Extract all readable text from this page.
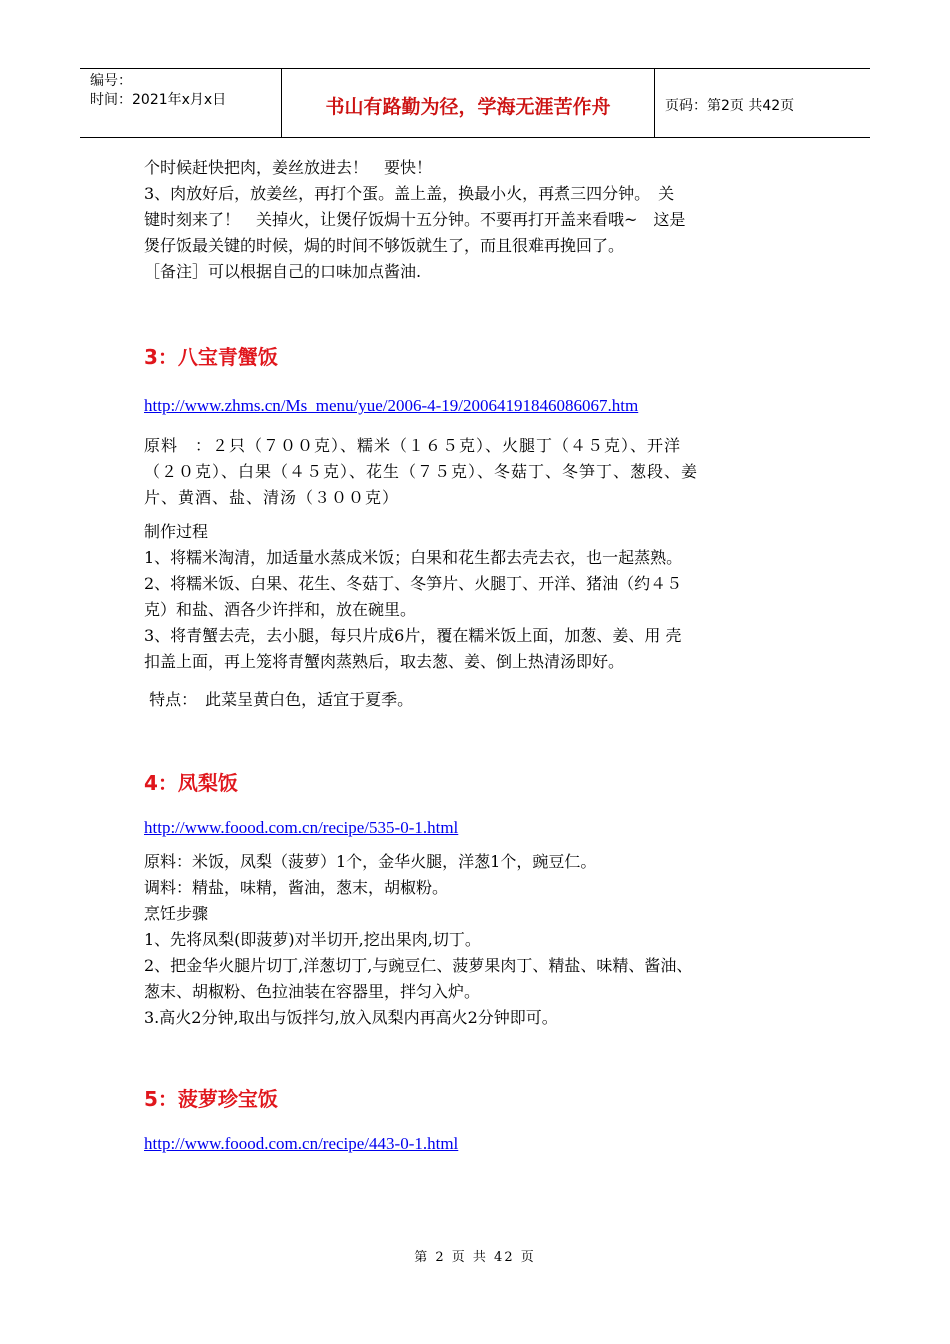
编号：
时间：2021年x月x日	书山有路勤为径，学海无涯苦作舟	页码：第2页 共42页

个时候赶快把肉，姜丝放进去！　要快！

3、肉放好后，放姜丝，再打个蛋。盖上盖，换最小火，再煮三四分钟。　关

键时刻来了！　关掉火，让煲仔饭焗十五分钟。不要再打开盖来看哦~　这是

煲仔饭最关键的时候，焗的时间不够饭就生了，而且很难再挽回了。

［备注］可以根据自己的口味加点酱油.

3：八宝青蟹饭
http://www.zhms.cn/Ms_menu/yue/2006-4-19/20064191846086067.htm

原料　：２只（７００克）、糯米（１６５克）、火腿丁（４５克）、开洋

（２０克）、白果（４５克）、花生（７５克）、冬菇丁、冬笋丁、葱段、姜

片、黄酒、盐、清汤（３００克）

制作过程

1、将糯米淘清，加适量水蒸成米饭；白果和花生都去壳去衣，也一起蒸熟。

2、将糯米饭、白果、花生、冬菇丁、冬笋片、火腿丁、开洋、猪油（约４５

克）和盐、酒各少许拌和，放在碗里。

3、将青蟹去壳，去小腿，每只片成6片，覆在糯米饭上面，加葱、姜、用 壳

扣盖上面，再上笼将青蟹肉蒸熟后，取去葱、姜、倒上热清汤即好。

特点：　此菜呈黄白色，适宜于夏季。

4：凤梨饭
http://www.foood.com.cn/recipe/535-0-1.html

原料：米饭，凤梨（菠萝）1个，金华火腿，洋葱1个，豌豆仁。

调料：精盐，味精，酱油，葱末，胡椒粉。

烹饪步骤

1、先将凤梨(即菠萝)对半切开,挖出果肉,切丁。

2、把金华火腿片切丁,洋葱切丁,与豌豆仁、菠萝果肉丁、精盐、味精、酱油、

葱末、胡椒粉、色拉油装在容器里，拌匀入炉。

3.高火2分钟,取出与饭拌匀,放入凤梨内再高火2分钟即可。

5：菠萝珍宝饭
http://www.foood.com.cn/recipe/443-0-1.html
第 2 页 共 42 页
